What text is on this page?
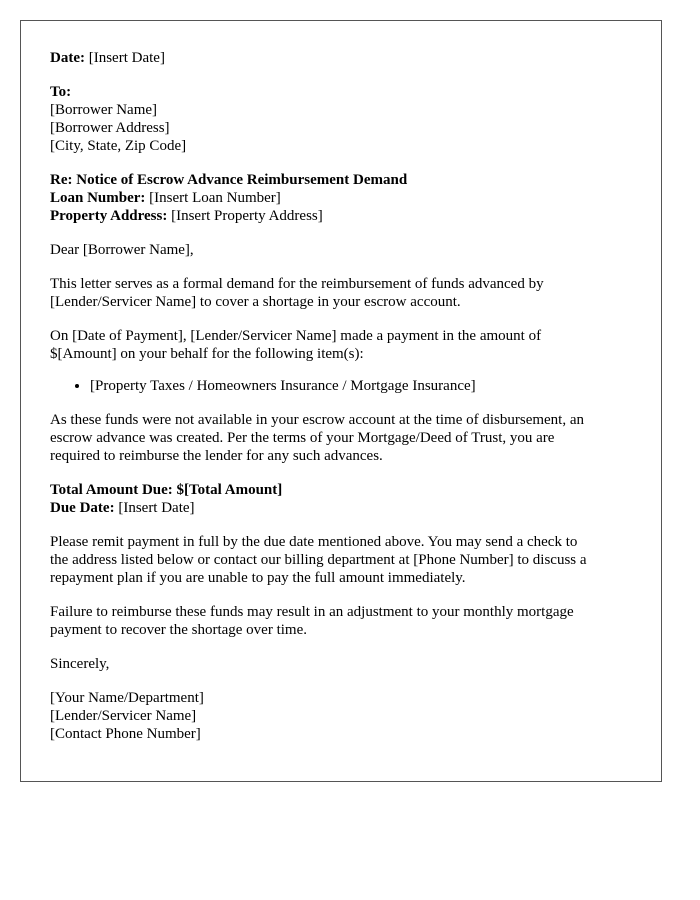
Date: [Insert Date]
To:
[Borrower Name]
[Borrower Address]
[City, State, Zip Code]
Re: Notice of Escrow Advance Reimbursement Demand
Loan Number: [Insert Loan Number]
Property Address: [Insert Property Address]

Dear [Borrower Name],

This letter serves as a formal demand for the reimbursement of funds advanced by
[Lender/Servicer Name] to cover a shortage in your escrow account.

On [Date of Payment], [Lender/Servicer Name] made a payment in the amount of
$[Amount] on your behalf for the following item(s):

• [Property Taxes / Homeowners Insurance / Mortgage Insurance]

As these funds were not available in your escrow account at the time of disbursement, an
escrow advance was created. Per the terms of your Mortgage/Deed of Trust, you are
required to reimburse the lender for any such advances.

Total Amount Due: $[Total Amount]
Due Date: [Insert Date]

Please remit payment in full by the due date mentioned above. You may send a check to
the address listed below or contact our billing department at [Phone Number] to discuss a
repayment plan if you are unable to pay the full amount immediately.

Failure to reimburse these funds may result in an adjustment to your monthly mortgage
payment to recover the shortage over time.

Sincerely,

[Your Name/Department]
[Lender/Servicer Name]
[Contact Phone Number]
